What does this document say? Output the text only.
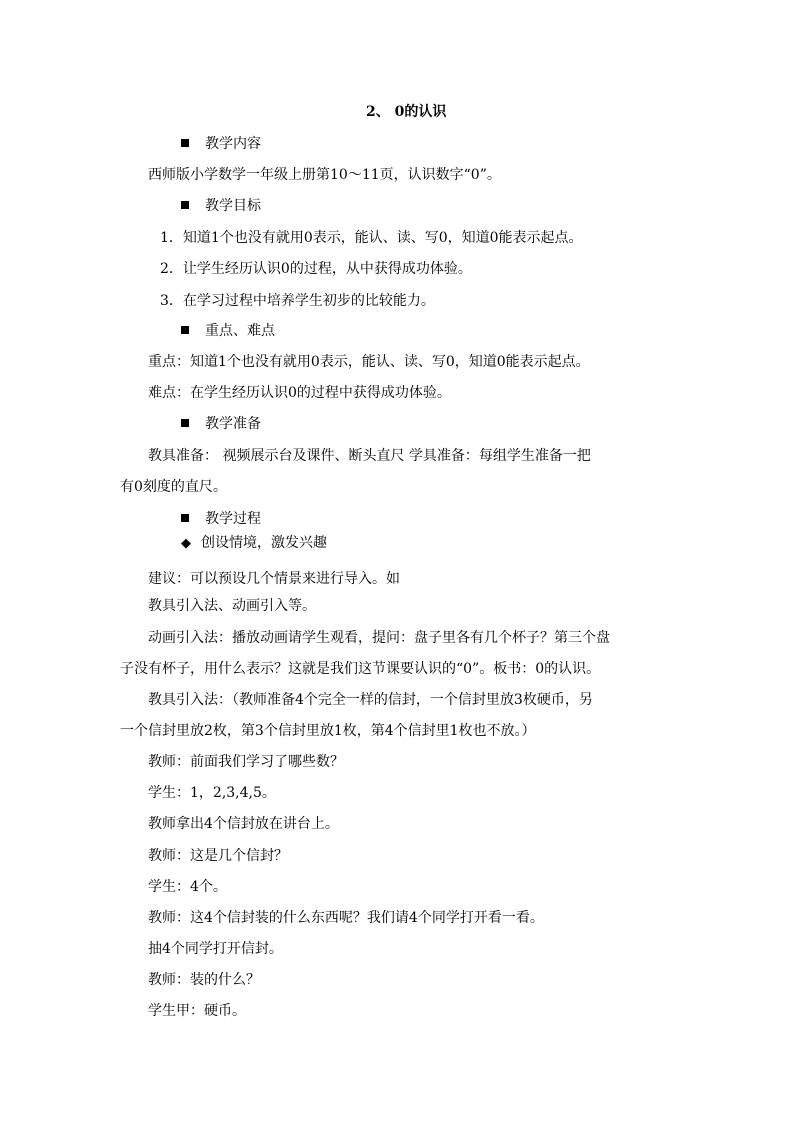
2、 0的认识
教学内容
西师版小学数学一年级上册第10～11页，认识数字“0”。
教学目标
1．知道1个也没有就用0表示，能认、读、写0，知道0能表示起点。
2．让学生经历认识0的过程，从中获得成功体验。
3．在学习过程中培养学生初步的比较能力。
重点、难点
重点：知道1个也没有就用0表示，能认、读、写0，知道0能表示起点。
难点：在学生经历认识0的过程中获得成功体验。
教学准备
教具准备： 视频展示台及课件、断头直尺 学具准备：每组学生准备一把
有0刻度的直尺。
教学过程
◆ 创设情境，激发兴趣
建议：可以预设几个情景来进行导入。如
教具引入法、动画引入等。
动画引入法：播放动画请学生观看，提问：盘子里各有几个杯子？第三个盘
子没有杯子，用什么表示？这就是我们这节课要认识的“0”。板书：0的认识。
教具引入法：（教师准备4个完全一样的信封，一个信封里放3枚硬币，另
一个信封里放2枚，第3个信封里放1枚，第4个信封里1枚也不放。）
教师：前面我们学习了哪些数？
学生：1，2,3,4,5。
教师拿出4个信封放在讲台上。
教师：这是几个信封？
学生：4个。
教师：这4个信封装的什么东西呢？我们请4个同学打开看一看。
抽4个同学打开信封。
教师：装的什么？
学生甲：硬币。
